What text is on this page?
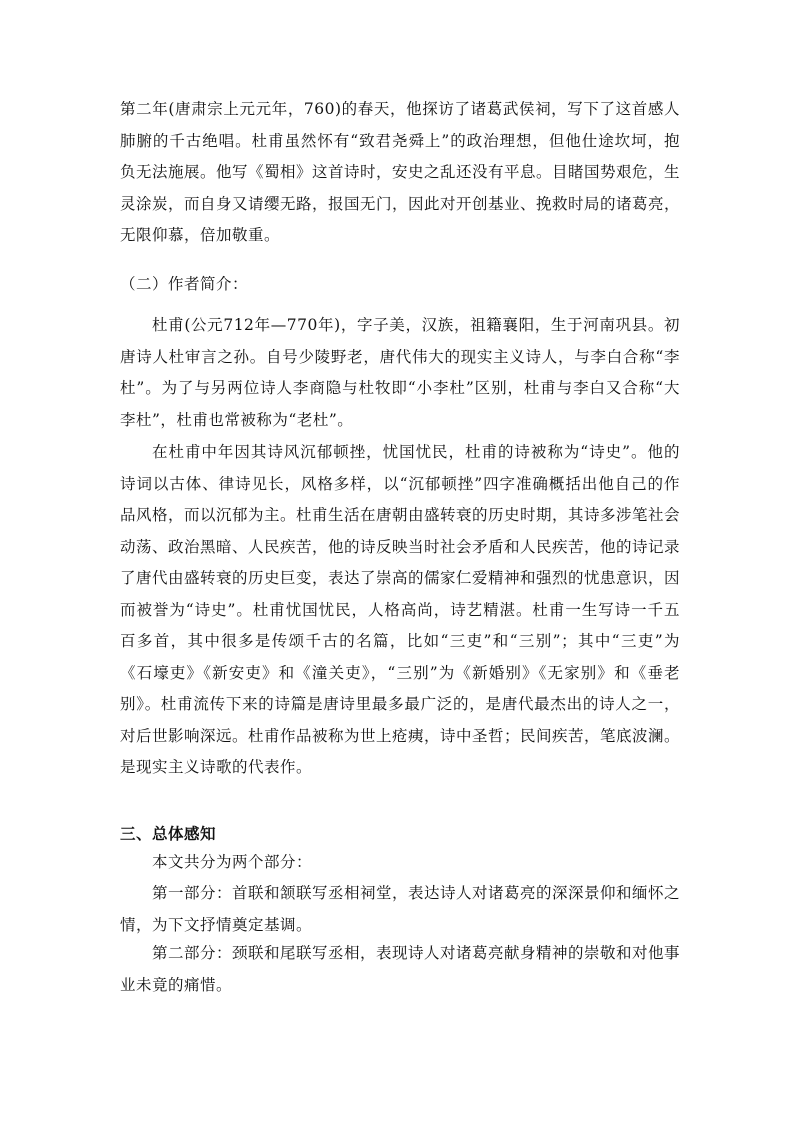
第二年(唐肃宗上元元年，760)的春天，他探访了诸葛武侯祠，写下了这首感人肺腑的千古绝唱。杜甫虽然怀有“致君尧舜上”的政治理想，但他仕途坎坷，抱负无法施展。他写《蜀相》这首诗时，安史之乱还没有平息。目睹国势艰危，生灵涂炭，而自身又请缨无路，报国无门，因此对开创基业、挽救时局的诸葛亮，无限仰慕，倍加敬重。

（二）作者简介：

杜甫(公元712年—770年)，字子美，汉族，祖籍襄阳，生于河南巩县。初唐诗人杜审言之孙。自号少陵野老，唐代伟大的现实主义诗人，与李白合称“李杜”。为了与另两位诗人李商隐与杜牧即“小李杜”区别，杜甫与李白又合称“大李杜”，杜甫也常被称为“老杜”。

在杜甫中年因其诗风沉郁顿挫，忧国忧民，杜甫的诗被称为“诗史”。他的诗词以古体、律诗见长，风格多样，以“沉郁顿挫”四字准确概括出他自己的作品风格，而以沉郁为主。杜甫生活在唐朝由盛转衰的历史时期，其诗多涉笔社会动荡、政治黑暗、人民疾苦，他的诗反映当时社会矛盾和人民疾苦，他的诗记录了唐代由盛转衰的历史巨变，表达了崇高的儒家仁爱精神和强烈的忧患意识，因而被誉为“诗史”。杜甫忧国忧民，人格高尚，诗艺精湛。杜甫一生写诗一千五百多首，其中很多是传颂千古的名篇，比如“三吏”和“三别”；其中“三吏”为《石壕吏》《新安吏》和《潼关吏》，“三别”为《新婚别》《无家别》和《垂老别》。杜甫流传下来的诗篇是唐诗里最多最广泛的，是唐代最杰出的诗人之一，对后世影响深远。杜甫作品被称为世上疮痍，诗中圣哲；民间疾苦，笔底波澜。是现实主义诗歌的代表作。

三、总体感知

本文共分为两个部分：

第一部分：首联和颔联写丞相祠堂，表达诗人对诸葛亮的深深景仰和缅怀之情，为下文抒情奠定基调。

第二部分：颈联和尾联写丞相，表现诗人对诸葛亮献身精神的崇敬和对他事业未竟的痛惜。
